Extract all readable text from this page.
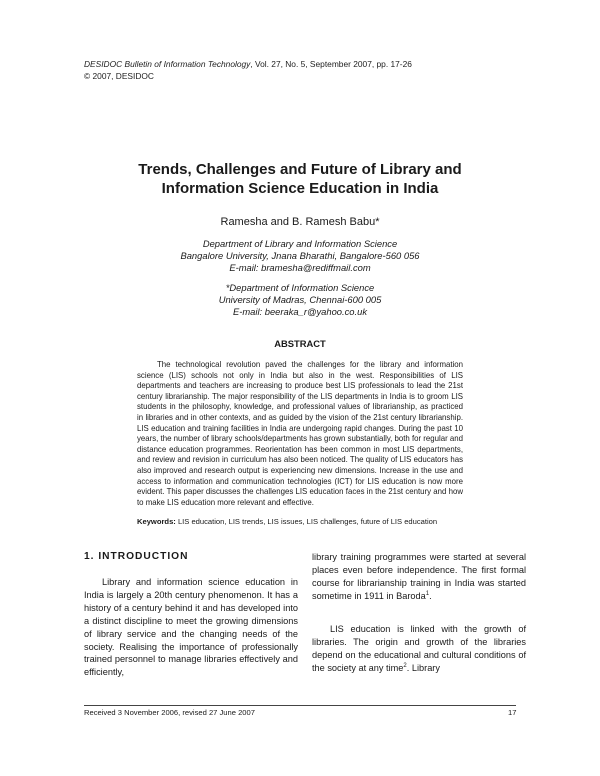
DESIDOC Bulletin of Information Technology, Vol. 27, No. 5, September 2007, pp. 17-26
© 2007, DESIDOC
Trends, Challenges and Future of Library and
Information Science Education in India
Ramesha and B. Ramesh Babu*
Department of Library and Information Science
Bangalore University, Jnana Bharathi, Bangalore-560 056
E-mail: bramesha@rediffmail.com
*Department of Information Science
University of Madras, Chennai-600 005
E-mail: beeraka_r@yahoo.co.uk
ABSTRACT

The technological revolution paved the challenges for the library and information science (LIS) schools not only in India but also in the west. Responsibilities of LIS departments and teachers are increasing to produce best LIS professionals to lead the 21st century librarianship. The major responsibility of the LIS departments in India is to groom LIS students in the philosophy, knowledge, and professional values of librarianship, as practiced in libraries and in other contexts, and as guided by the vision of the 21st century librarianship. LIS education and training facilities in India are undergoing rapid changes. During the past 10 years, the number of library schools/departments has grown substantially, both for regular and distance education programmes. Reorientation has been common in most LIS departments, and review and revision in curriculum has also been noticed. The quality of LIS educators has also improved and research output is experiencing new dimensions. Increase in the use and access to information and communication technologies (ICT) for LIS education is now more evident. This paper discusses the challenges LIS education faces in the 21st century and how to make LIS education more relevant and effective.

Keywords: LIS education, LIS trends, LIS issues, LIS challenges, future of LIS education

1. INTRODUCTION

Library and information science education in India is largely a 20th century phenomenon. It has a history of a century behind it and has developed into a distinct discipline to meet the growing dimensions of library service and the changing needs of the society. Realising the importance of professionally trained personnel to manage libraries effectively and efficiently,

library training programmes were started at several places even before independence. The first formal course for librarianship training in India was started sometime in 1911 in Baroda$^1$.

LIS education is linked with the growth of libraries. The origin and growth of the libraries depend on the educational and cultural conditions of the society at any time$^2$. Library

Received 3 November 2006, revised 27 June 2007	17
